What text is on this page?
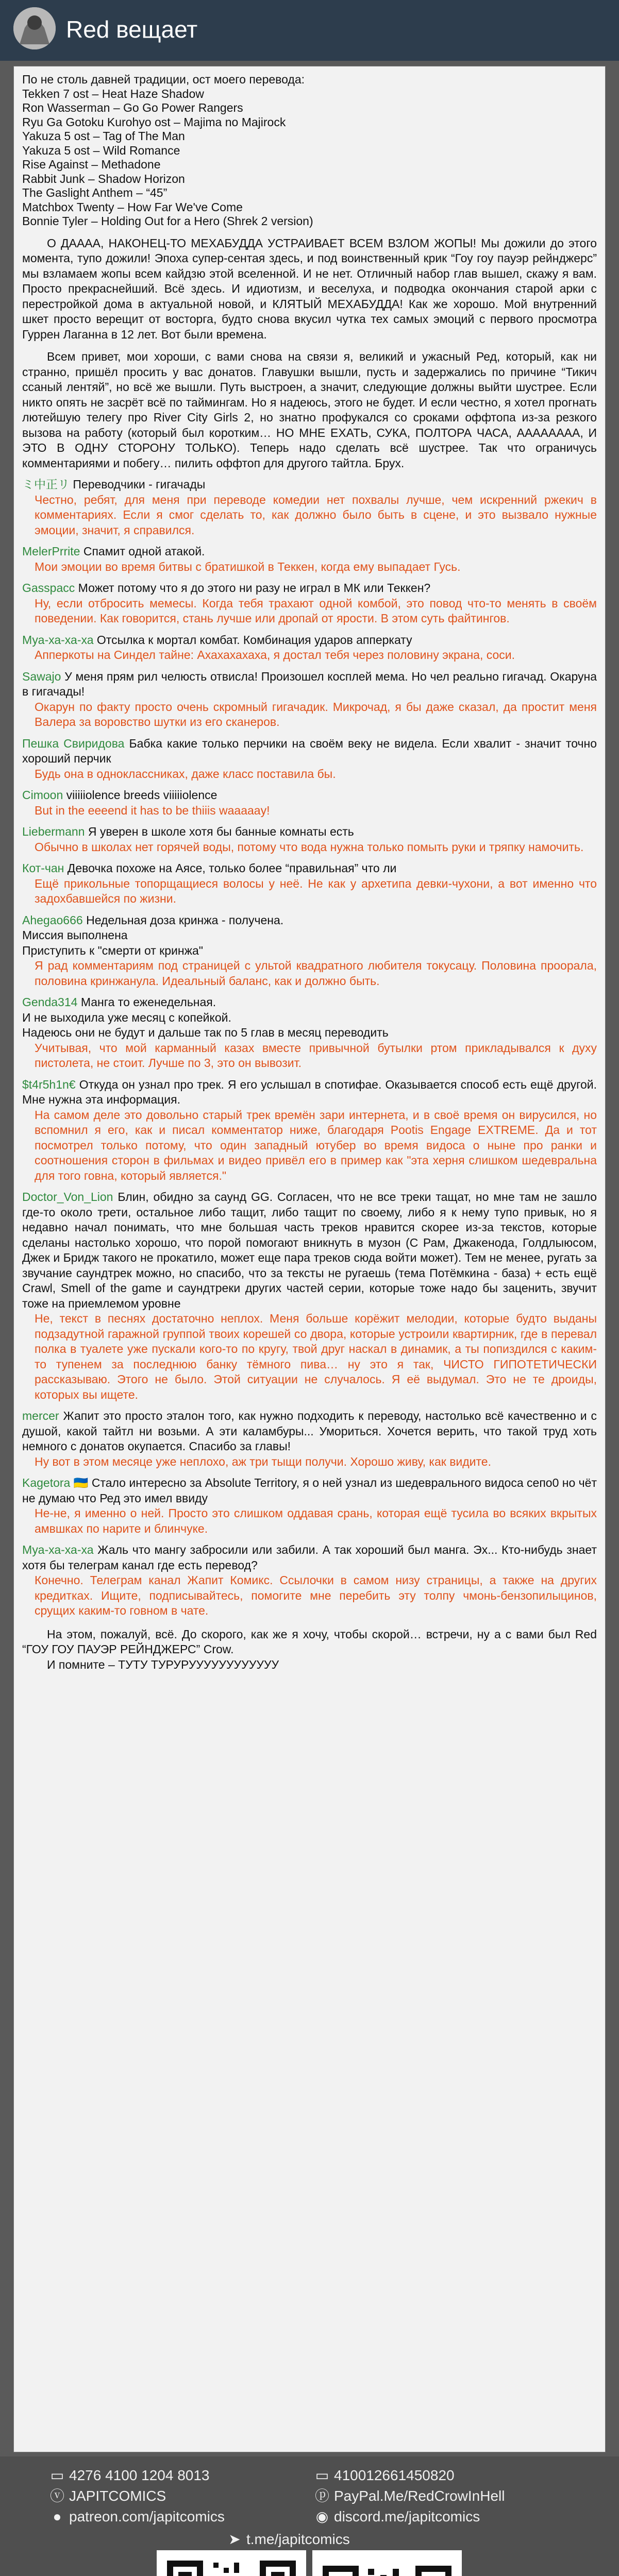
Red вещает
По не столь давней традиции, ост моего перевода:
Tekken 7 ost – Heat Haze Shadow
Ron Wasserman – Go Go Power Rangers
Ryu Ga Gotoku Kurohyo ost – Majima no Majirock
Yakuza 5 ost – Tag of The Man
Yakuza 5 ost – Wild Romance
Rise Against – Methadone
Rabbit Junk – Shadow Horizon
The Gaslight Anthem – “45”
Matchbox Twenty – How Far We've Come
Bonnie Tyler – Holding Out for a Hero (Shrek 2 version)
О ДАААА, НАКОНЕЦ-ТО МЕХАБУДДА УСТРАИВАЕТ ВСЕМ ВЗЛОМ ЖОПЫ! Мы дожили до этого момента, тупо дожили! Эпоха супер-сентая здесь, и под воинственный крик “Гоу гоу пауэр рейнджерс” мы взламаем жопы всем кайдзю этой вселенной. И не нет. Отличный набор глав вышел, скажу я вам. Просто прекраснейший. Всё здесь. И идиотизм, и веселуха, и подводка окончания старой арки с перестройкой дома в актуальной новой, и КЛЯТЫЙ МЕХАБУДДА! Как же хорошо. Мой внутренний шкет просто верещит от восторга, будто снова вкусил чутка тех самых эмоций с первого просмотра Гуррен Лаганна в 12 лет. Вот были времена.
Всем привет, мои хороши, с вами снова на связи я, великий и ужасный Ред, который, как ни странно, пришёл просить у вас донатов. Главушки вышли, пусть и задержались по причине “Тикич ссаный лентяй”, но всё же вышли. Путь выстроен, а значит, следующие должны выйти шустрее. Если никто опять не засрёт всё по таймингам. Но я надеюсь, этого не будет. И если честно, я хотел прогнать лютейшую телегу про River City Girls 2, но знатно профукался со сроками оффтопа из-за резкого вызова на работу (который был коротким… НО МНЕ ЕХАТЬ, СУКА, ПОЛТОРА ЧАСА, АААААААА, И ЭТО В ОДНУ СТОРОНУ ТОЛЬКО). Теперь надо сделать всё шустрее. Так что ограничусь комментариями и побегу… пилить оффтоп для другого тайтла. Брух.
ミ中正リ Переводчики - гигачады
Честно, ребят, для меня при переводе комедии нет похвалы лучше, чем искренний ржекич в комментариях. Если я смог сделать то, как должно было быть в сцене, и это вызвало нужные эмоции, значит, я справился.
MelerPrrite Спамит одной атакой.
Мои эмоции во время битвы с братишкой в Теккен, когда ему выпадает Гусь.
Gasspacc Может потому что я до этого ни разу не играл в МК или Теккен?
Ну, если отбросить мемесы. Когда тебя трахают одной комбой, это повод что-то менять в своём поведении. Как говорится, стань лучше или дропай от ярости. В этом суть файтингов.
Муа-ха-ха-ха Отсылка к мортал комбат. Комбинация ударов апперкату
Апперкоты на Синдел тайне: Ахахахахаха, я достал тебя через половину экрана, соси.
Sawajo У меня прям рил челюсть отвисла! Произошел косплей мема. Но чел реально гигачад. Окаруна в гигачады!
Окарун по факту просто очень скромный гигачадик. Микрочад, я бы даже сказал, да простит меня Валера за воровство шутки из его сканеров.
Пешка Свиридова Бабка какие только перчики на своём веку не видела. Если хвалит - значит точно хороший перчик
Будь она в одноклассниках, даже класс поставила бы.
Cimoon viiiiiolence breeds viiiiiolence
But in the eeeend it has to be thiiis waaaaay!
Liebermann Я уверен в школе хотя бы банные комнаты есть
Обычно в школах нет горячей воды, потому что вода нужна только помыть руки и тряпку намочить.
Кот-чан Девочка похоже на Аясе, только более “правильная” что ли
Ещё прикольные топорщащиеся волосы у неё. Не как у архетипа девки-чухони, а вот именно что задохбавшейся по жизни.
Ahegao666 Недельная доза кринжа - получена.
Миссия выполнена
Приступить к "смерти от кринжа"
Я рад комментариям под страницей с ультой квадратного любителя токусацу. Половина проорала, половина кринжанула. Идеальный баланс, как и должно быть.
Genda314 Манга то еженедельная.
И не выходила уже месяц с копейкой.
Надеюсь они не будут и дальше так по 5 глав в месяц переводить
Учитывая, что мой карманный казах вместе привычной бутылки ртом прикладывался к духу пистолета, не стоит. Лучше по 3, это он вывозит.
$t4r5h1n€ Откуда он узнал про трек. Я его услышал в спотифае. Оказывается способ есть ещё другой. Мне нужна эта информация.
На самом деле это довольно старый трек времён зари интернета, и в своё время он вирусился, но вспомнил я его, как и писал комментатор ниже, благодаря Pootis Engage EXTREME. Да и тот посмотрел только потому, что один западный ютубер во время видоса о ныне про ранки и соотношения сторон в фильмах и видео привёл его в пример как "эта херня слишком шедевральна для того говна, который является."
Doctor_Von_Lion Блин, обидно за саунд GG. Согласен, что не все треки тащат, но мне там не зашло где-то около трети, остальное либо тащит, либо тащит по своему, либо я к нему тупо привык, но я недавно начал понимать, что мне большая часть треков нравится скорее из-за текстов, которые сделаны настолько хорошо, что порой помогают вникнуть в музон (С Рам, Джакенода, Голдлыюсом, Джек и Бридж такого не прокатило, может еще пара треков сюда войти может). Тем не менее, ругать за звучание саундтрек можно, но спасибо, что за тексты не ругаешь (тема Потёмкина - база) + есть ещё Crawl, Smell of the game и саундтреки других частей серии, которые тоже надо бы заценить, звучит тоже на приемлемом уровне
Не, текст в песнях достаточно неплох. Меня больше корёжит мелодии, которые будто выданы подзадутной гаражной группой твоих корешей со двора, которые устроили квартирник, где в перевал полка в туалете уже пускали кого-то по кругу, твой друг наскал в динамик, а ты попиздился с каким-то тупенем за последнюю банку тёмного пива… ну это я так, ЧИСТО ГИПОТЕТИЧЕСКИ рассказываю. Этого не было. Этой ситуации не случалось. Я её выдумал. Это не те дроиды, которых вы ищете.
mercer Жапит это просто эталон того, как нужно подходить к переводу, настолько всё качественно и с душой, какой тайтл ни возьми. А эти каламбуры... Умориться. Хочется верить, что такой труд хоть немного с донатов окупается. Спасибо за главы!
Ну вот в этом месяце уже неплохо, аж три тыщи получи. Хорошо живу, как видите.
Kagetora 🇺🇦 Стало интересно за Absolute Territory, я о ней узнал из шедеврального видоса сепо0 но чёт не думаю что Ред это имел ввиду
Не-не, я именно о ней. Просто это слишком оддавая срань, которая ещё тусила во всяких вкрытых амвшках по нарите и блинчуке.
Муа-ха-ха-ха Жаль что мангу забросили или забили. А так хороший был манга. Эх... Кто-нибудь знает хотя бы телеграм канал где есть перевод?
Конечно. Телеграм канал Жапит Комикс. Ссылочки в самом низу страницы, а также на других кредитках. Ищите, подписывайтесь, помогите мне перебить эту толпу чмонь-бензопилыцинов, срущих каким-то говном в чате.
На этом, пожалуй, всё. До скорого, как же я хочу, чтобы скорой… встречи, ну а с вами был Red “ГОУ ГОУ ПАУЭР РЕЙНДЖЕРС” Crow.
И помните – ТУТУ ТУРУРУУУУУУУУУУУУ
▭ 4276 4100 1204 8013
ⓥ JAPITCOMICS
● patreon.com/japitcomics
▭ 410012661450820
ⓟ PayPal.Me/RedCrowInHell
◉ discord.me/japitcomics
➤ t.me/japitcomics
